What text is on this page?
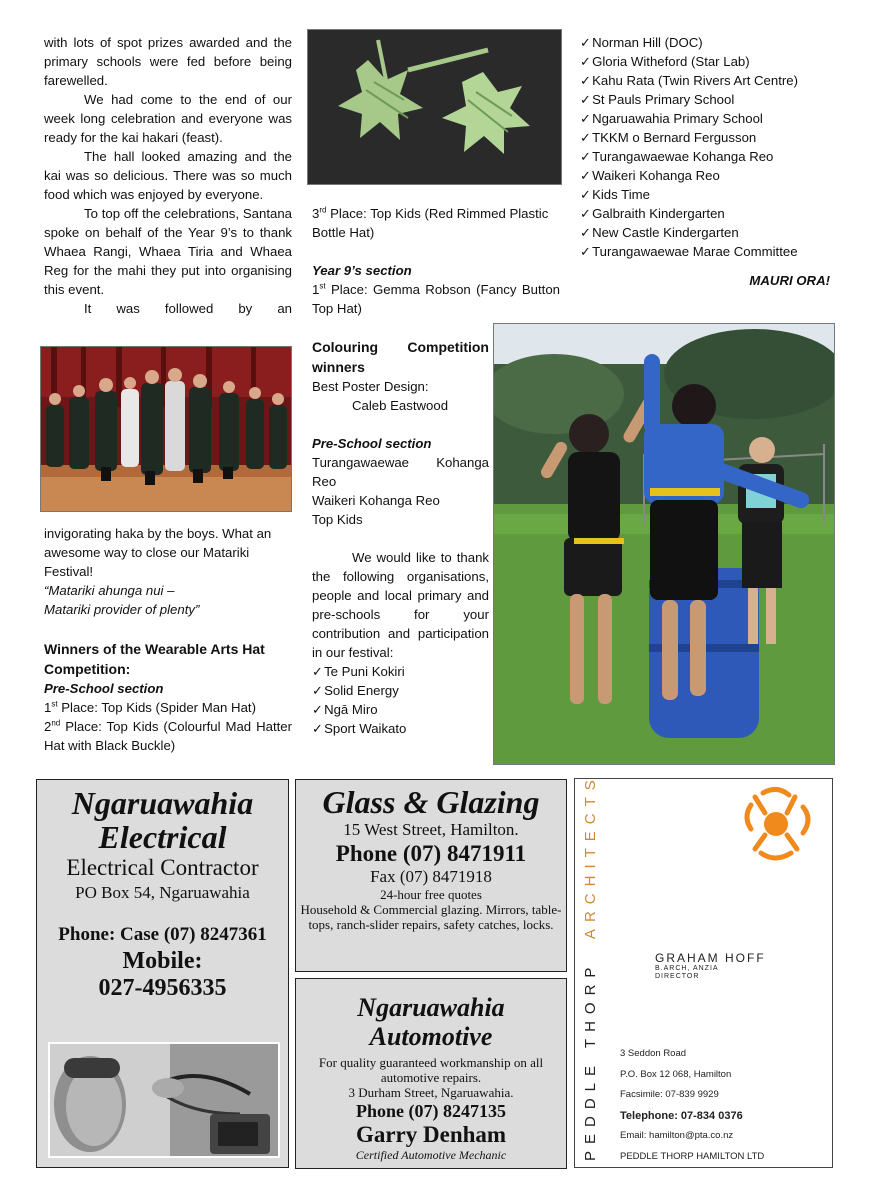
with lots of spot prizes awarded and the primary schools were fed before being farewelled.

We had come to the end of our week long celebration and everyone was ready for the kai hakari (feast).

The hall looked amazing and the kai was so delicious. There was so much food which was enjoyed by everyone.

To top off the celebrations, Santana spoke on behalf of the Year 9’s to thank Whaea Rangi, Whaea Tiria and Whaea Reg for the mahi they put into organising this event.

It was followed by an

invigorating haka by the boys. What an awesome way to close our Matariki Festival!

“Matariki ahunga nui –

Matariki provider of plenty”

Winners of the Wearable Arts Hat Competition:

Pre-School section

1st Place: Top Kids (Spider Man Hat)

2nd Place: Top Kids (Colourful Mad Hatter Hat with Black Buckle)

3rd Place: Top Kids (Red Rimmed Plastic Bottle Hat)

Year 9’s section

1st Place: Gemma Robson (Fancy Button Top Hat)

Colouring Competition winners

Best Poster Design:

Caleb Eastwood

Pre-School section

Turangawaewae Kohanga Reo

Waikeri Kohanga Reo

Top Kids

We would like to thank the following organisations, people and local primary and pre-schools for your contribution and participation in our festival:

✓ Te Puni Kokiri

✓ Solid Energy

✓ Ngā Miro

✓ Sport Waikato

✓ Norman Hill (DOC)

✓ Gloria Witheford (Star Lab)

✓ Kahu Rata (Twin Rivers Art Centre)

✓ St Pauls Primary School

✓ Ngaruawahia Primary School

✓ TKKM o Bernard Fergusson

✓ Turangawaewae Kohanga Reo

✓ Waikeri Kohanga Reo

✓ Kids Time

✓ Galbraith Kindergarten

✓ New Castle Kindergarten

✓ Turangawaewae Marae Committee

MAURI ORA!

Ngaruawahia
Electrical
Electrical Contractor
PO Box 54, Ngaruawahia
Phone: Case (07) 8247361
Mobile:
027-4956335
Glass & Glazing
15 West Street, Hamilton.
Phone (07) 8471911
Fax (07) 8471918
24-hour free quotes
Household & Commercial glazing. Mirrors, table-tops, ranch-slider repairs, safety catches, locks.
Ngaruawahia
Automotive
For quality guaranteed workmanship on all automotive repairs.
3 Durham Street, Ngaruawahia.
Phone (07) 8247135
Garry Denham
Certified Automotive Mechanic	PEDDLE THORP  ARCHITECTS
GRAHAM HOFF
B.ARCH, ANZIA
DIRECTOR
3 Seddon Road
P.O. Box 12 068, Hamilton
Facsimile: 07-839 9929
Telephone: 07-834 0376
Email: hamilton@pta.co.nz
PEDDLE THORP HAMILTON LTD
